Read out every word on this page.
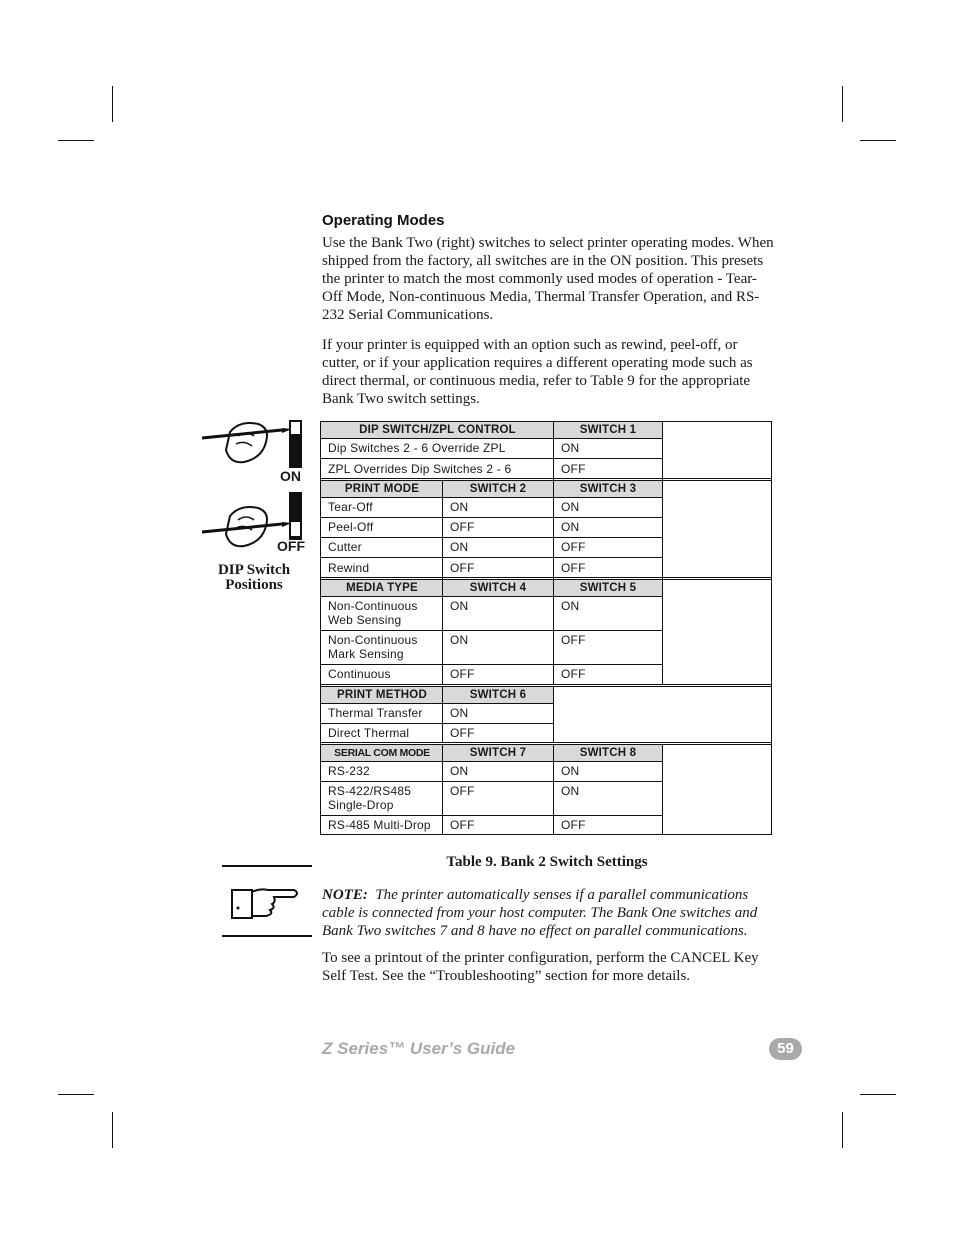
Operating Modes
Use the Bank Two (right) switches to select printer operating modes. When shipped from the factory, all switches are in the ON position. This presets the printer to match the most commonly used modes of operation - Tear-Off Mode, Non-continuous Media, Thermal Transfer Operation, and RS-232 Serial Communications.
If your printer is equipped with an option such as rewind, peel-off, or cutter, or if your application requires a different operating mode such as direct thermal, or continuous media, refer to Table 9 for the appropriate Bank Two switch settings.
ON
OFF
DIP Switch
Positions
DIP SWITCH/ZPL CONTROL	SWITCH 1
Dip Switches 2 - 6 Override ZPL	ON
ZPL Overrides Dip Switches 2 - 6	OFF
PRINT MODE	SWITCH 2	SWITCH 3
Tear-Off	ON	ON
Peel-Off	OFF	ON
Cutter	ON	OFF
Rewind	OFF	OFF
MEDIA TYPE	SWITCH 4	SWITCH 5
Non-Continuous
Web Sensing
ON	ON
Non-Continuous
Mark Sensing
ON	OFF
Continuous	OFF	OFF
PRINT METHOD	SWITCH 6
Thermal Transfer	ON
Direct Thermal	OFF
SERIAL COM MODE	SWITCH 7	SWITCH 8
RS-232	ON	ON
RS-422/RS485
Single-Drop
OFF	ON
RS-485 Multi-Drop	OFF	OFF
Table 9. Bank 2 Switch Settings
NOTE: The printer automatically senses if a parallel communications cable is connected from your host computer. The Bank One switches and Bank Two switches 7 and 8 have no effect on parallel communications.
To see a printout of the printer configuration, perform the CANCEL Key Self Test. See the “Troubleshooting” section for more details.
Z Series™ User’s Guide	59
